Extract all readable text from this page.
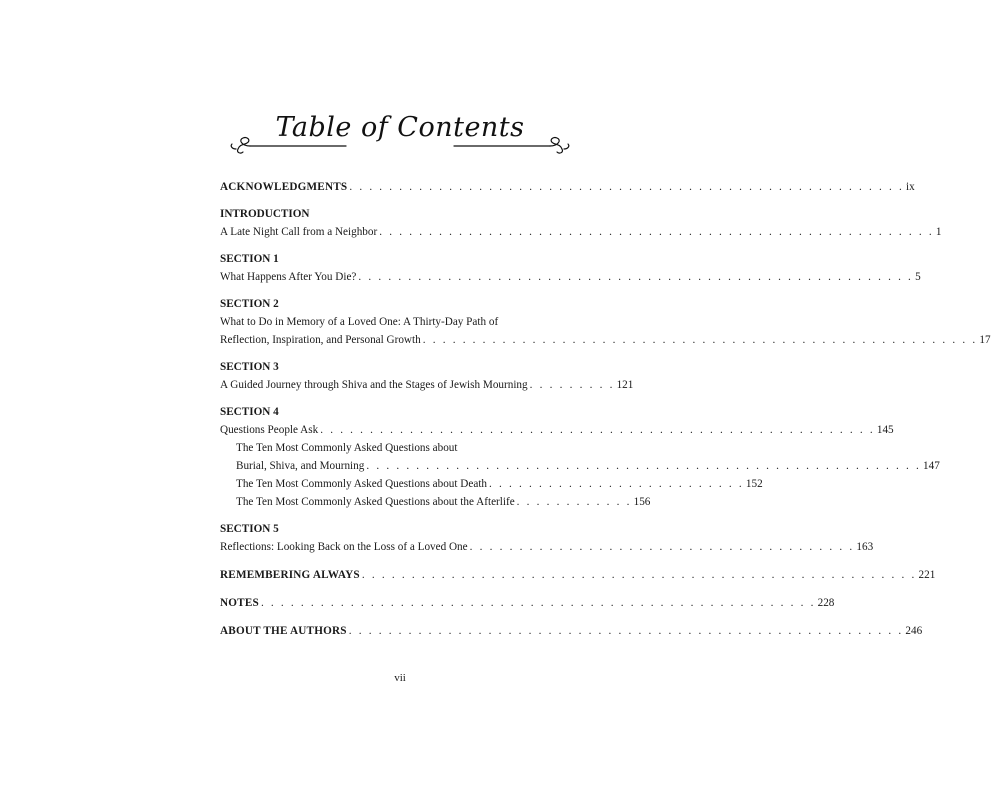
Table of Contents
ACKNOWLEDGMENTS . . . . . . . . . . . . . . . . . . . . . . . . . . . . . . . . . . . . . . . . . . . . . . . . . . . . . . . . ix
INTRODUCTION
A Late Night Call from a Neighbor . . . . . . . . . . . . . . . . . . . . . . . . . . . . . . . . . . . . . . . . . . . . . . . . . . . . . . . . 1
SECTION 1
What Happens After You Die? . . . . . . . . . . . . . . . . . . . . . . . . . . . . . . . . . . . . . . . . . . . . . . . . . . . . . . . . 5
SECTION 2
What to Do in Memory of a Loved One: A Thirty-Day Path of
Reflection, Inspiration, and Personal Growth . . . . . . . . . . . . . . . . . . . . . . . . . . . . . . . . . . . . . . . . . . . . . . . . . . . . . . . . 17
SECTION 3
A Guided Journey through Shiva and the Stages of Jewish Mourning . . . . . . . . . 121
SECTION 4
Questions People Ask . . . . . . . . . . . . . . . . . . . . . . . . . . . . . . . . . . . . . . . . . . . . . . . . . . . . . . . . 145
The Ten Most Commonly Asked Questions about
Burial, Shiva, and Mourning . . . . . . . . . . . . . . . . . . . . . . . . . . . . . . . . . . . . . . . . . . . . . . . . . . . . . . . . 147
The Ten Most Commonly Asked Questions about Death . . . . . . . . . . . . . . . . . . . . . . . . . . 152
The Ten Most Commonly Asked Questions about the Afterlife . . . . . . . . . . . . 156
SECTION 5
Reflections: Looking Back on the Loss of a Loved One . . . . . . . . . . . . . . . . . . . . . . . . . . . . . . . . . . . . . . . 163
REMEMBERING ALWAYS . . . . . . . . . . . . . . . . . . . . . . . . . . . . . . . . . . . . . . . . . . . . . . . . . . . . . . . . 221
NOTES . . . . . . . . . . . . . . . . . . . . . . . . . . . . . . . . . . . . . . . . . . . . . . . . . . . . . . . . 228
ABOUT THE AUTHORS . . . . . . . . . . . . . . . . . . . . . . . . . . . . . . . . . . . . . . . . . . . . . . . . . . . . . . . . 246
vii
